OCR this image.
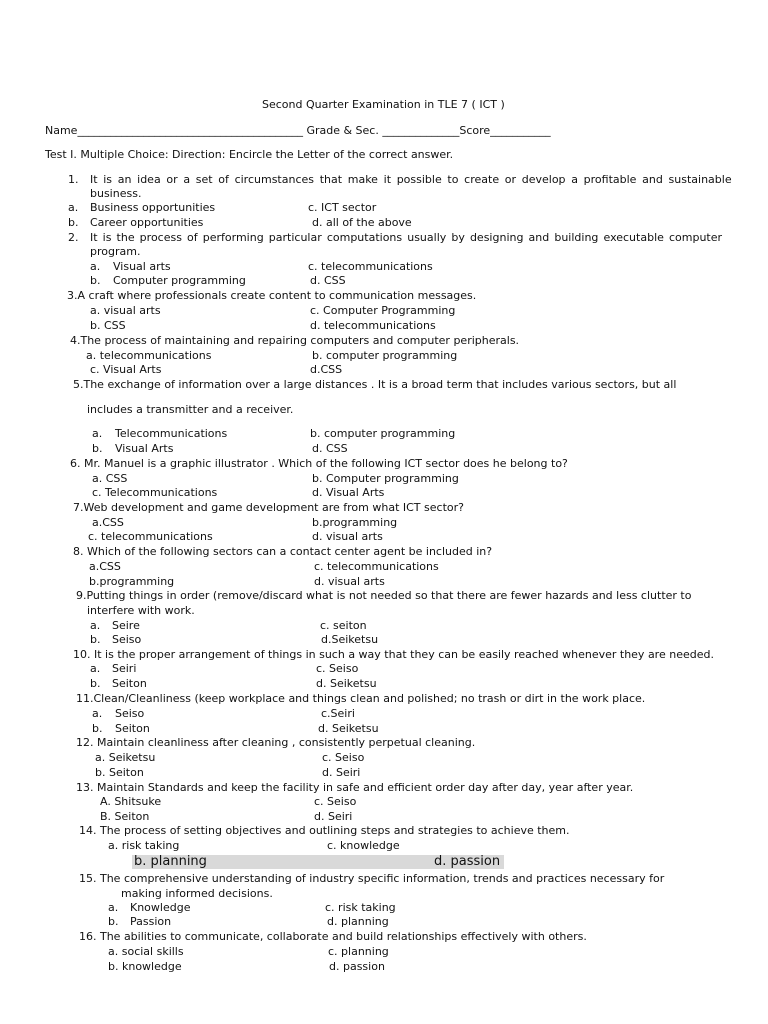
Second Quarter Examination in TLE 7 ( ICT )
Name_________________________________________ Grade & Sec. ______________Score___________
Test I. Multiple Choice: Direction: Encircle the Letter of the correct answer.
1. It is an idea or a set of circumstances that make it possible to create or develop a profitable and sustainable
business.
a. Business opportunities	c. ICT sector
b. Career opportunities	d. all of the above
2. It is the process of performing particular computations usually by designing and building executable computer
program.
a. Visual arts	c. telecommunications
b. Computer programming	d. CSS
3.A craft where professionals create content to communication messages.
a. visual arts	c. Computer Programming
b. CSS	d. telecommunications
4.The process of maintaining and repairing computers and computer peripherals.
a. telecommunications	b. computer programming
c. Visual Arts	d.CSS
5.The exchange of information over a large distances . It is a broad term that includes various sectors, but all
includes a transmitter and a receiver.
a. Telecommunications	b. computer programming
b. Visual Arts	d. CSS
6. Mr. Manuel is a graphic illustrator . Which of the following ICT sector does he belong to?
a. CSS	b. Computer programming
c. Telecommunications	d. Visual Arts
7.Web development and game development are from what ICT sector?
a.CSS	b.programming
c. telecommunications	d. visual arts
8. Which of the following sectors can a contact center agent be included in?
a.CSS	c. telecommunications
b.programming	d. visual arts
9.Putting things in order (remove/discard what is not needed so that there are fewer hazards and less clutter to
interfere with work.
a. Seire	c. seiton
b. Seiso	d.Seiketsu
10. It is the proper arrangement of things in such a way that they can be easily reached whenever they are needed.
a. Seiri	c. Seiso
b. Seiton	d. Seiketsu
11.Clean/Cleanliness (keep workplace and things clean and polished; no trash or dirt in the work place.
a. Seiso	c.Seiri
b. Seiton	d. Seiketsu
12. Maintain cleanliness after cleaning , consistently perpetual cleaning.
a. Seiketsu	c. Seiso
b. Seiton	d. Seiri
13. Maintain Standards and keep the facility in safe and efficient order day after day, year after year.
A. Shitsuke	c. Seiso
B. Seiton	d. Seiri
14. The process of setting objectives and outlining steps and strategies to achieve them.
a. risk taking	c. knowledge
b. planning	d. passion
15. The comprehensive understanding of industry specific information, trends and practices necessary for
making informed decisions.
a. Knowledge	c. risk taking
b. Passion	d. planning
16. The abilities to communicate, collaborate and build relationships effectively with others.
a. social skills	c. planning
b. knowledge	d. passion
